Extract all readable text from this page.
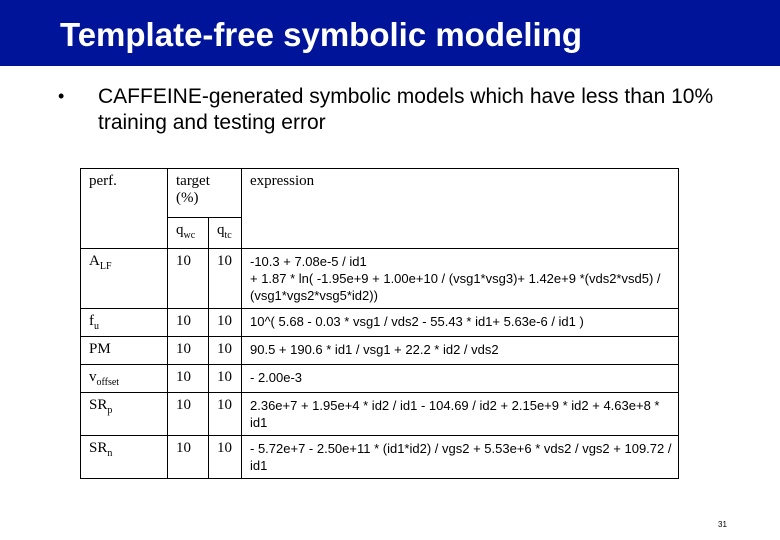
Template-free symbolic modeling
• CAFFEINE-generated symbolic models which have less than 10% training and testing error
perf.	target (%)		expression
	$q_{wc}$	$q_{tc}$
$A_{LF}$	10	10	-10.3 + 7.08e-5 / id1
+ 1.87 * ln( -1.95e+9 + 1.00e+10 / (vsg1*vsg3)+ 1.42e+9 *(vds2*vsd5) / (vsg1*vgs2*vsg5*id2))
$f_u$	10	10	10^( 5.68 - 0.03 * vsg1 / vds2 - 55.43 * id1+ 5.63e-6 / id1 )
PM	10	10	90.5 + 190.6 * id1 / vsg1 + 22.2 * id2 / vds2
$v_{offset}$	10	10	- 2.00e-3
$SR_p$	10	10	2.36e+7 + 1.95e+4 * id2 / id1 - 104.69 / id2 + 2.15e+9 * id2 + 4.63e+8 * id1
$SR_n$	10	10	- 5.72e+7 - 2.50e+11 * (id1*id2) / vgs2 + 5.53e+6 * vds2 / vgs2 + 109.72 / id1
31
